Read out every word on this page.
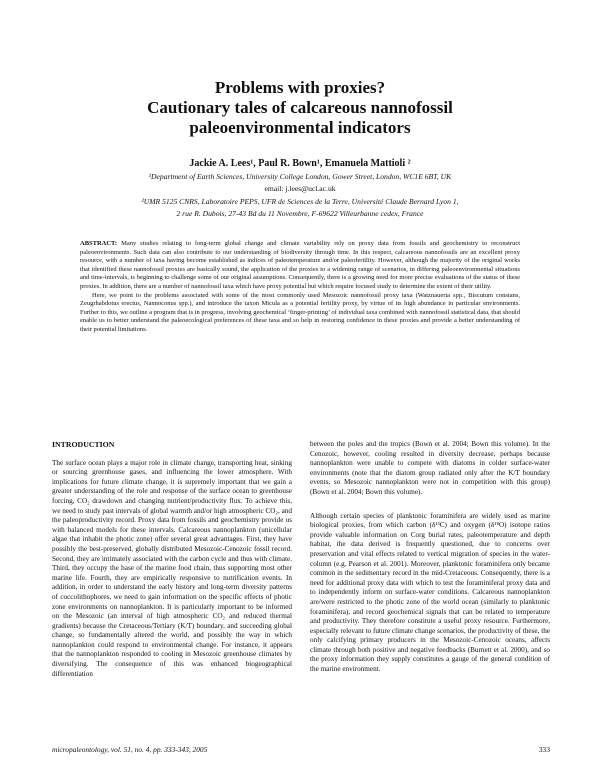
Problems with proxies?
Cautionary tales of calcareous nannofossil
paleoenvironmental indicators
Jackie A. Lees¹, Paul R. Bown¹, Emanuela Mattioli ²
¹Department of Earth Sciences, University College London, Gower Street, London, WC1E 6BT, UK
email: j.lees@ucl.ac.uk
²UMR 5125 CNRS, Laboratoire PEPS, UFR de Sciences de la Terre, Université Claude Bernard Lyon 1,
2 rue R. Dubois, 27-43 Bd du 11 Novembre, F-69622 Villeurbanne cedex, France

ABSTRACT: Many studies relating to long-term global change and climate variability rely on proxy data from fossils and geochemistry to reconstruct paleoenvironments. Such data can also contribute to our understanding of biodiversity through time. In this respect, calcareous nannofossils are an excellent proxy resource, with a number of taxa having become established as indices of paleotemperature and/or paleofertility. However, although the majority of the original works that identified these nannofossil proxies are basically sound, the application of the proxies to a widening range of scenarios, in differing paleoenvironmental situations and time-intervals, is beginning to challenge some of our original assumptions. Consequently, there is a growing need for more precise evaluations of the status of these proxies. In addition, there are a number of nannofossil taxa which have proxy potential but which require focused study to determine the extent of their utility.

Here, we point to the problems associated with some of the most commonly used Mesozoic nannofossil proxy taxa (Watznaueria spp., Biscutum constans, Zeugrhabdotus erectus, Nannoconus spp.), and introduce the taxon Micula as a potential fertility proxy, by virtue of its high abundance in particular environments. Further to this, we outline a program that is in progress, involving geochemical ‘finger-printing’ of individual taxa combined with nannofossil statistical data, that should enable us to better understand the paleoecological preferences of these taxa and so help in restoring confidence in these proxies and provide a better understanding of their potential limitations.

INTRODUCTION

The surface ocean plays a major role in climate change, transporting heat, sinking or sourcing greenhouse gases, and influencing the lower atmosphere. With implications for future climate change, it is supremely important that we gain a greater understanding of the role and response of the surface ocean to greenhouse forcing, CO₂ drawdown and changing nutrient/productivity flux. To achieve this, we need to study past intervals of global warmth and/or high atmospheric CO₂, and the paleoproductivity record. Proxy data from fossils and geochemistry provide us with balanced models for these intervals. Calcareous nannoplankton (unicellular algae that inhabit the photic zone) offer several great advantages. First, they have possibly the best-preserved, globally distributed Mesozoic-Cenozoic fossil record. Second, they are intimately associated with the carbon cycle and thus with climate. Third, they occupy the base of the marine food chain, thus supporting most other marine life. Fourth, they are empirically responsive to nutrification events. In addition, in order to understand the early history and long-term diversity patterns of coccolithophores, we need to gain information on the specific effects of photic zone environments on nannoplankton. It is particularly important to be informed on the Mesozoic (an interval of high atmospheric CO₂ and reduced thermal gradients) because the Cretaceous/Tertiary (K/T) boundary, and succeeding global change, so fundamentally altered the world, and possibly the way in which nannoplankton could respond to environmental change. For instance, it appears that the nannoplankton responded to cooling in Mesozoic greenhouse climates by diversifying. The consequence of this was enhanced biogeographical differentiation

between the poles and the tropics (Bown et al. 2004; Bown this volume). In the Cenozoic, however, cooling resulted in diversity decrease, perhaps because nannoplankton were unable to compete with diatoms in colder surface-water environments (note that the diatom group radiated only after the K/T boundary events, so Mesozoic nannoplankton were not in competition with this group) (Bown et al. 2004; Bown this volume).

Although certain species of planktonic foraminifera are widely used as marine biological proxies, from which carbon (δ¹³C) and oxygen (δ¹⁸O) isotope ratios provide valuable information on Corg burial rates, paleotemperature and depth habitat, the data derived is frequently questioned, due to concerns over preservation and vital effects related to vertical migration of species in the water-column (e.g. Pearson et al. 2001). Moreover, planktonic foraminifera only became common in the sedimentary record in the mid-Cretaceous. Consequently, there is a need for additional proxy data with which to test the foraminiferal proxy data and to independently inform on surface-water conditions. Calcareous nannoplankton are/were restricted to the photic zone of the world ocean (similarly to planktonic foraminifera), and record geochemical signals that can be related to temperature and productivity. They therefore constitute a useful proxy resource. Furthermore, especially relevant to future climate change scenarios, the productivity of these, the only calcifying primary producers in the Mesozoic-Cenozoic oceans, affects climate through both positive and negative feedbacks (Burnett et al. 2000), and so the proxy information they supply constitutes a gauge of the general condition of the marine environment.

micropaleontology, vol. 51, no. 4, pp. 333-343, 2005	333
